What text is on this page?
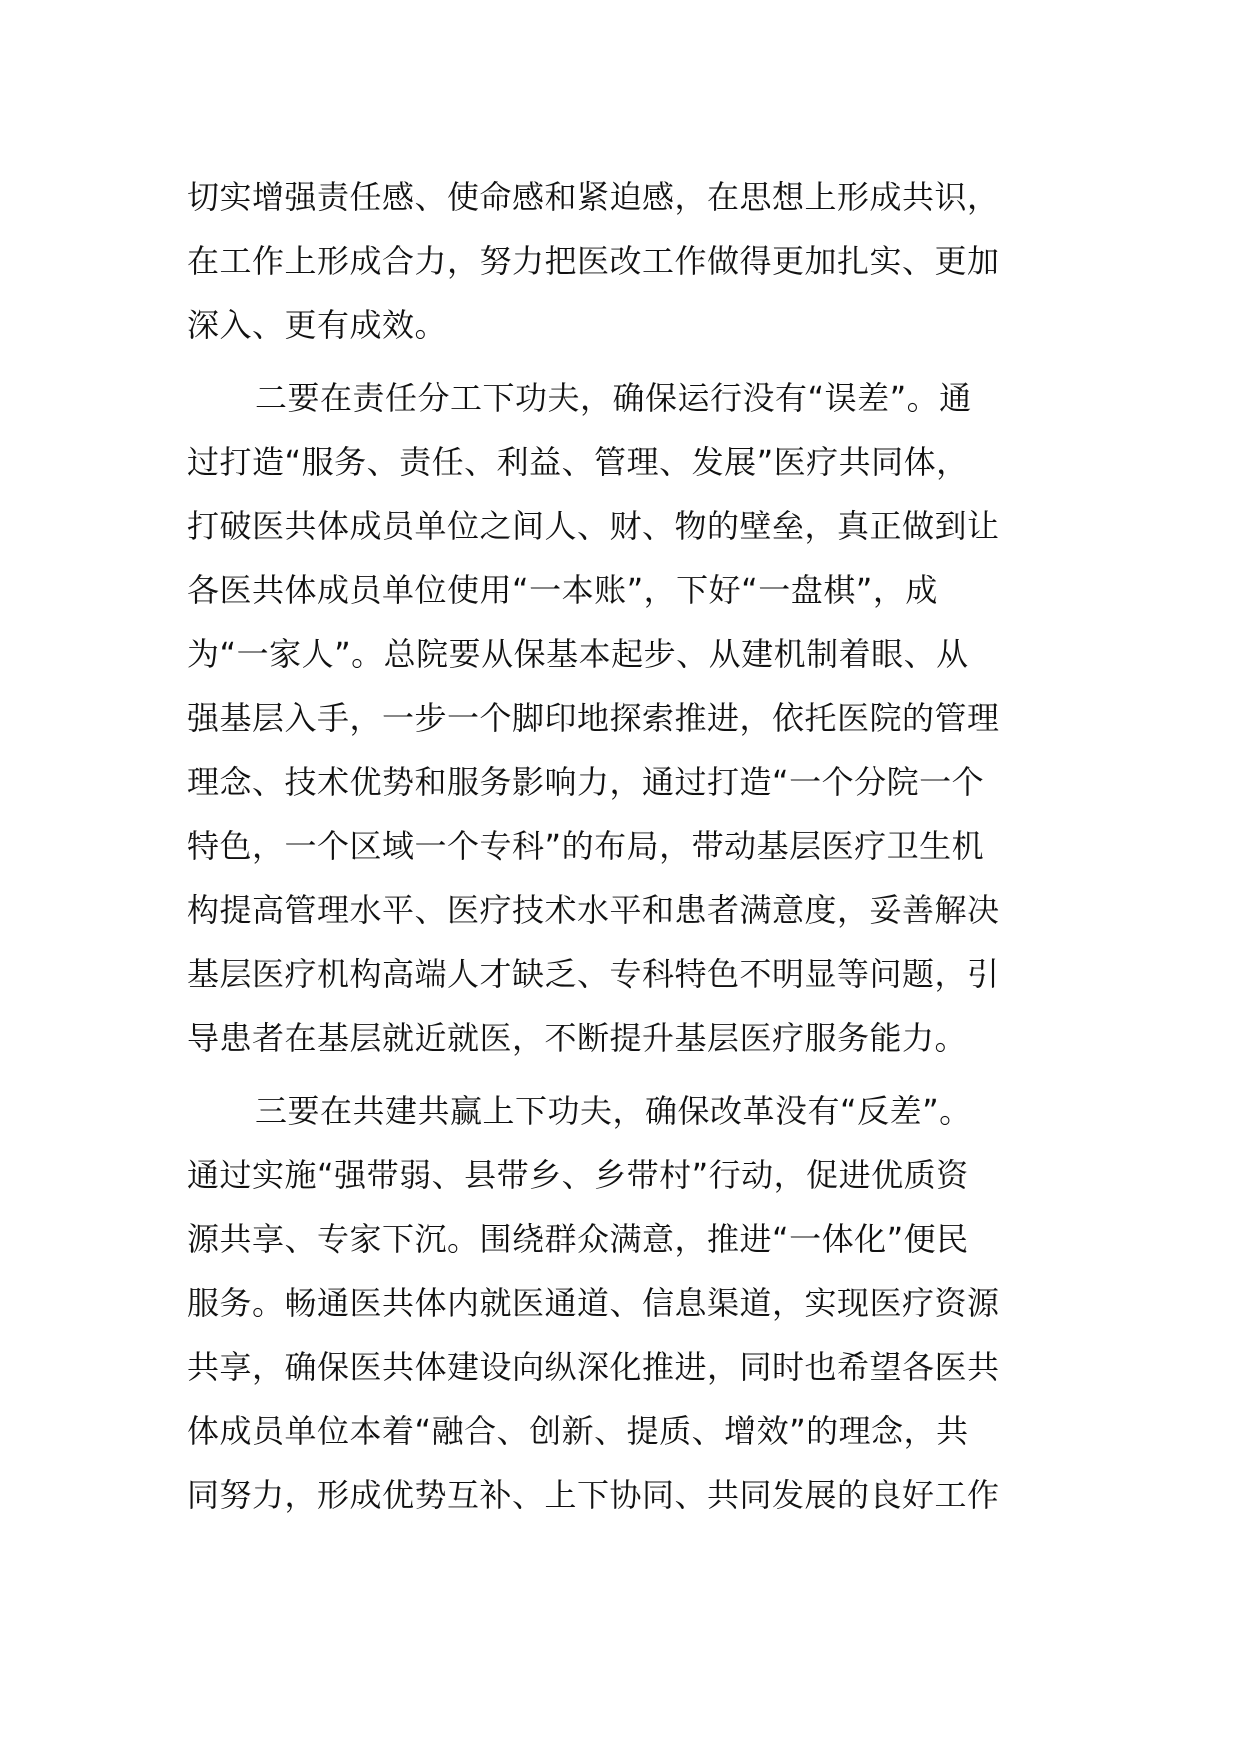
切实增强责任感、使命感和紧迫感，在思想上形成共识，
在工作上形成合力，努力把医改工作做得更加扎实、更加
深入、更有成效。
二要在责任分工下功夫，确保运行没有“误差”。通
过打造“服务、责任、利益、管理、发展”医疗共同体，
打破医共体成员单位之间人、财、物的壁垒，真正做到让
各医共体成员单位使用“一本账”，下好“一盘棋”，成
为“一家人”。总院要从保基本起步、从建机制着眼、从
强基层入手，一步一个脚印地探索推进，依托医院的管理
理念、技术优势和服务影响力，通过打造“一个分院一个
特色，一个区域一个专科”的布局，带动基层医疗卫生机
构提高管理水平、医疗技术水平和患者满意度，妥善解决
基层医疗机构高端人才缺乏、专科特色不明显等问题，引
导患者在基层就近就医，不断提升基层医疗服务能力。
三要在共建共赢上下功夫，确保改革没有“反差”。
通过实施“强带弱、县带乡、乡带村”行动，促进优质资
源共享、专家下沉。围绕群众满意，推进“一体化”便民
服务。畅通医共体内就医通道、信息渠道，实现医疗资源
共享，确保医共体建设向纵深化推进，同时也希望各医共
体成员单位本着“融合、创新、提质、增效”的理念，共
同努力，形成优势互补、上下协同、共同发展的良好工作
